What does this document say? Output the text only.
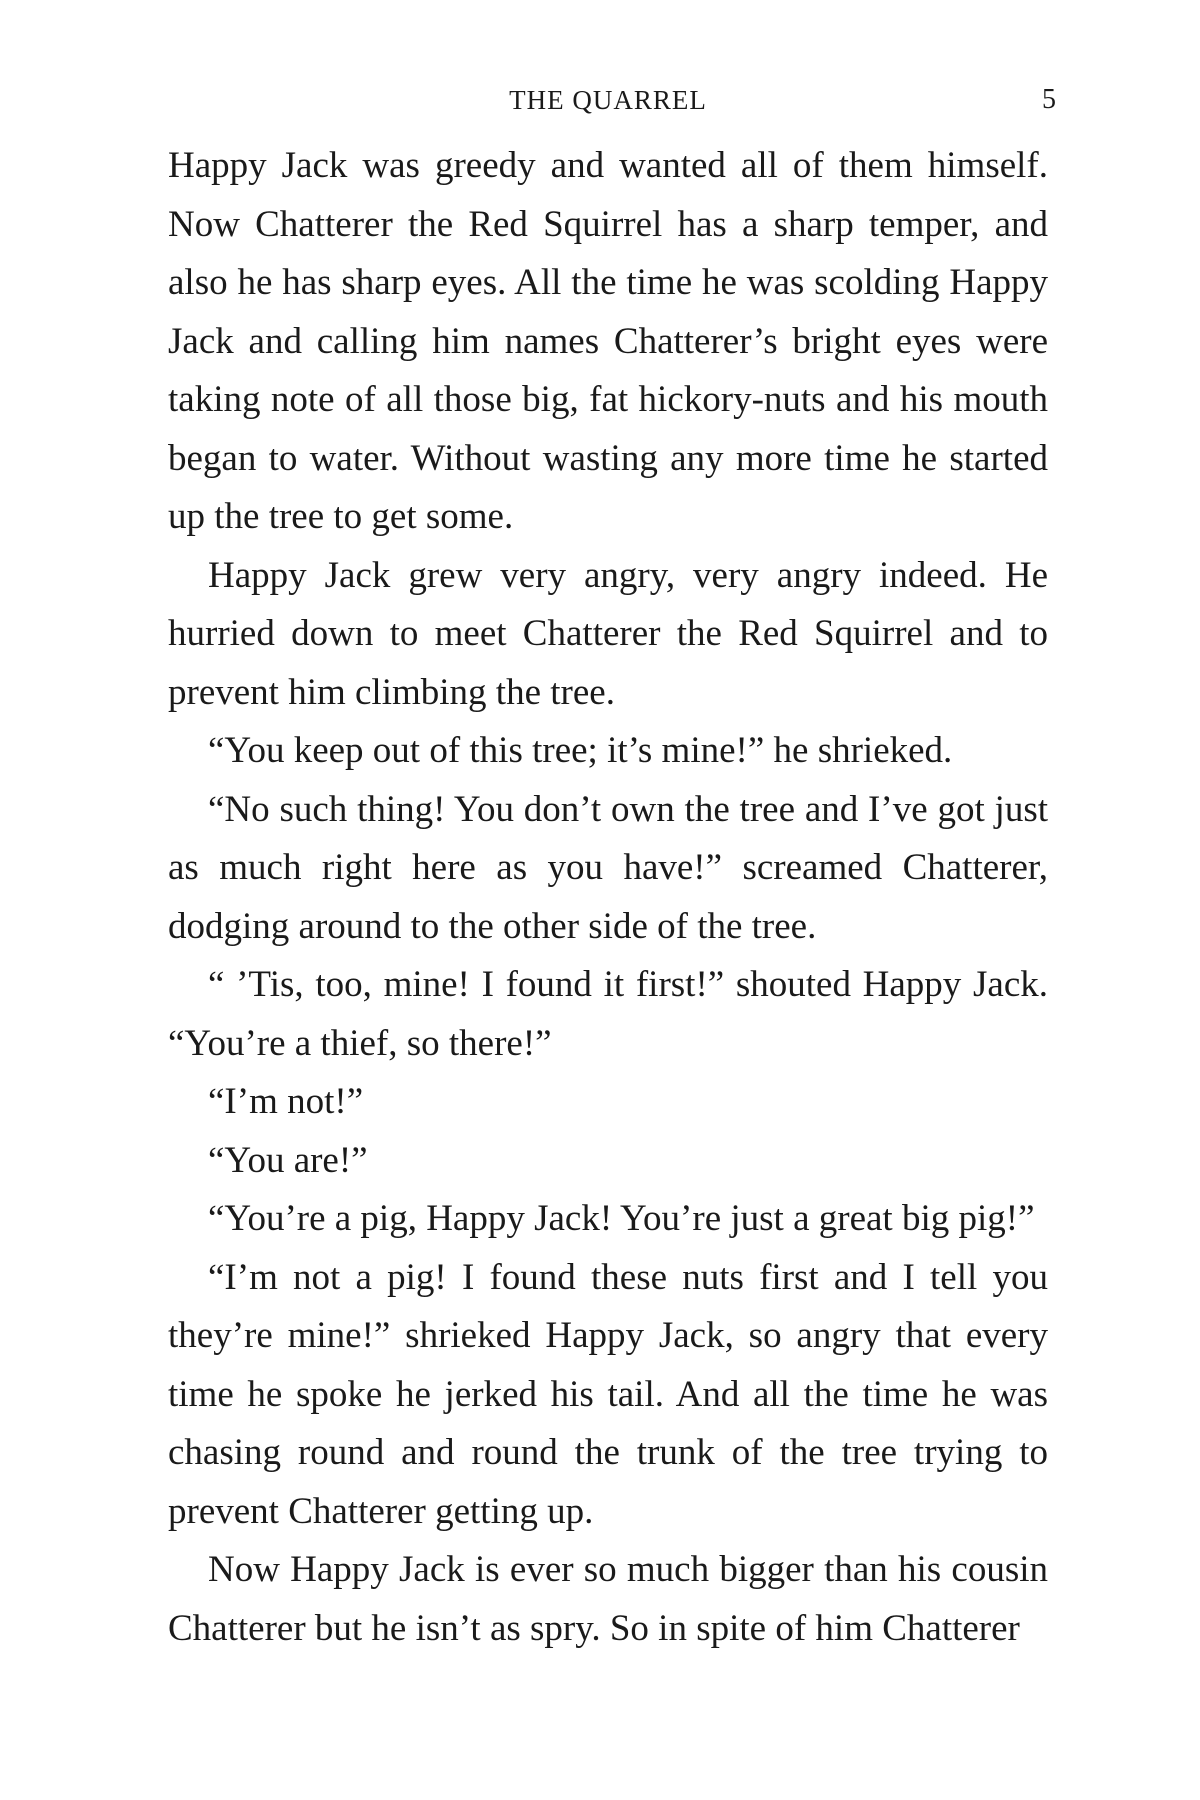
THE QUARREL	5

Happy Jack was greedy and wanted all of them himself. Now Chatterer the Red Squirrel has a sharp temper, and also he has sharp eyes. All the time he was scolding Happy Jack and calling him names Chatterer’s bright eyes were taking note of all those big, fat hickory-nuts and his mouth began to water. Without wasting any more time he started up the tree to get some.

Happy Jack grew very angry, very angry indeed. He hurried down to meet Chatterer the Red Squirrel and to prevent him climbing the tree.

“You keep out of this tree; it’s mine!” he shrieked.

“No such thing! You don’t own the tree and I’ve got just as much right here as you have!” screamed Chatterer, dodging around to the other side of the tree.

“ ’Tis, too, mine! I found it first!” shouted Happy Jack. “You’re a thief, so there!”

“I’m not!”

“You are!”

“You’re a pig, Happy Jack! You’re just a great big pig!”

“I’m not a pig! I found these nuts first and I tell you they’re mine!” shrieked Happy Jack, so angry that every time he spoke he jerked his tail. And all the time he was chasing round and round the trunk of the tree trying to prevent Chatterer getting up.

Now Happy Jack is ever so much bigger than his cousin Chatterer but he isn’t as spry. So in spite of him Chatterer
